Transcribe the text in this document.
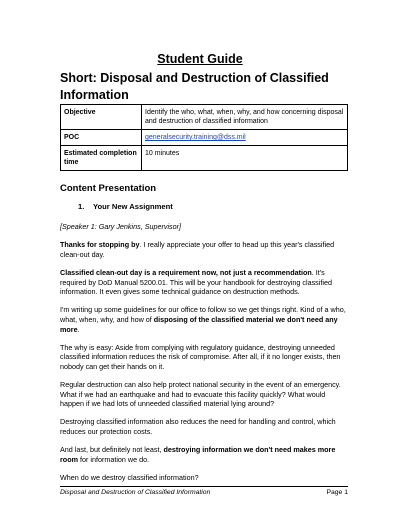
Student Guide
Short: Disposal and Destruction of Classified Information
Objective	Identify the who, what, when, why, and how concerning disposal and destruction of classified information
POC	generalsecurity.training@dss.mil
Estimated completion time	10 minutes
Content Presentation
1. Your New Assignment

[Speaker 1: Gary Jenkins, Supervisor]

Thanks for stopping by. I really appreciate your offer to head up this year's classified clean-out day.

Classified clean-out day is a requirement now, not just a recommendation. It's required by DoD Manual 5200.01. This will be your handbook for destroying classified information. It even gives some technical guidance on destruction methods.

I'm writing up some guidelines for our office to follow so we get things right. Kind of a who, what, when, why, and how of disposing of the classified material we don't need any more.

The why is easy: Aside from complying with regulatory guidance, destroying unneeded classified information reduces the risk of compromise. After all, if it no longer exists, then nobody can get their hands on it.

Regular destruction can also help protect national security in the event of an emergency. What if we had an earthquake and had to evacuate this facility quickly? What would happen if we had lots of unneeded classified material lying around?

Destroying classified information also reduces the need for handling and control, which reduces our protection costs.

And last, but definitely not least, destroying information we don't need makes more room for information we do.

When do we destroy classified information?

Disposal and Destruction of Classified Information	Page 1
